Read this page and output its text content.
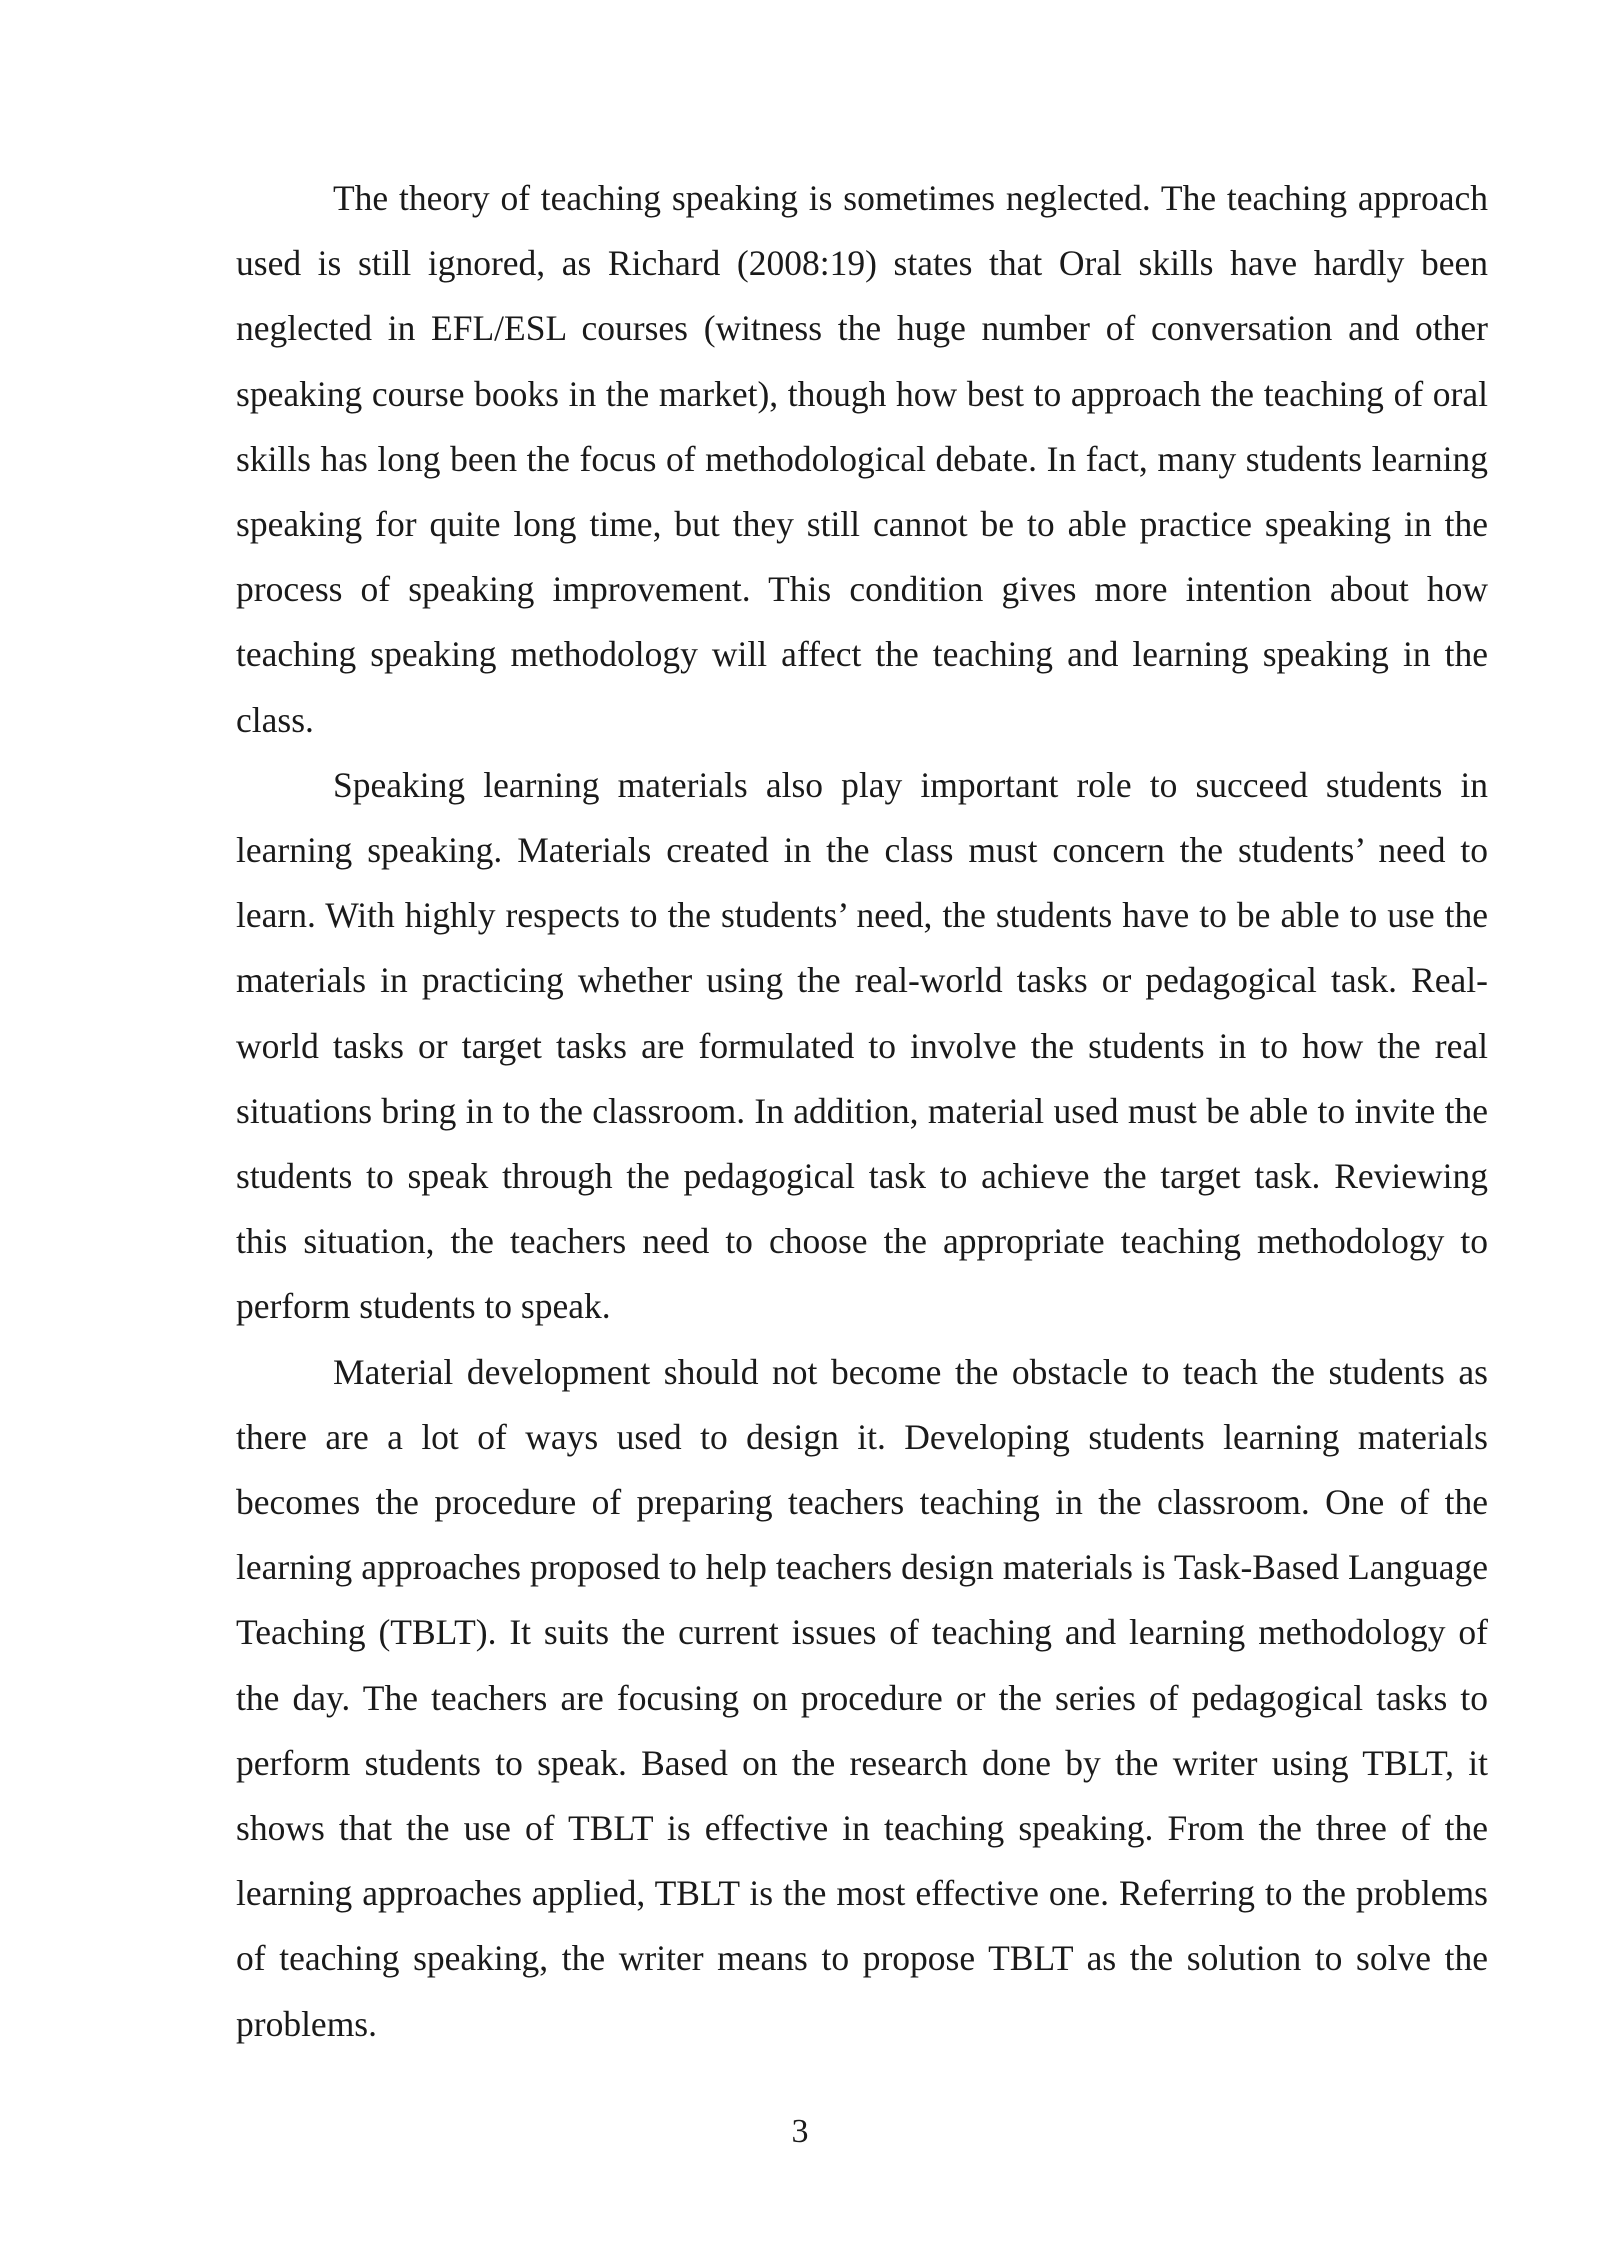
The theory of teaching speaking is sometimes neglected. The teaching approach used is still ignored, as Richard (2008:19) states that Oral skills have hardly been neglected in EFL/ESL courses (witness the huge number of conversation and other speaking course books in the market), though how best to approach the teaching of oral skills has long been the focus of methodological debate. In fact, many students learning speaking for quite long time, but they still cannot be to able practice speaking in the process of speaking improvement. This condition gives more intention about how teaching speaking methodology will affect the teaching and learning speaking in the class.

Speaking learning materials also play important role to succeed students in learning speaking. Materials created in the class must concern the students’ need to learn. With highly respects to the students’ need, the students have to be able to use the materials in practicing whether using the real-world tasks or pedagogical task. Real-world tasks or target tasks are formulated to involve the students in to how the real situations bring in to the classroom. In addition, material used must be able to invite the students to speak through the pedagogical task to achieve the target task. Reviewing this situation, the teachers need to choose the appropriate teaching methodology to perform students to speak.

Material development should not become the obstacle to teach the students as there are a lot of ways used to design it. Developing students learning materials becomes the procedure of preparing teachers teaching in the classroom. One of the learning approaches proposed to help teachers design materials is Task-Based Language Teaching (TBLT). It suits the current issues of teaching and learning methodology of the day. The teachers are focusing on procedure or the series of pedagogical tasks to perform students to speak. Based on the research done by the writer using TBLT, it shows that the use of TBLT is effective in teaching speaking. From the three of the learning approaches applied, TBLT is the most effective one. Referring to the problems of teaching speaking, the writer means to propose TBLT as the solution to solve the problems.

3
